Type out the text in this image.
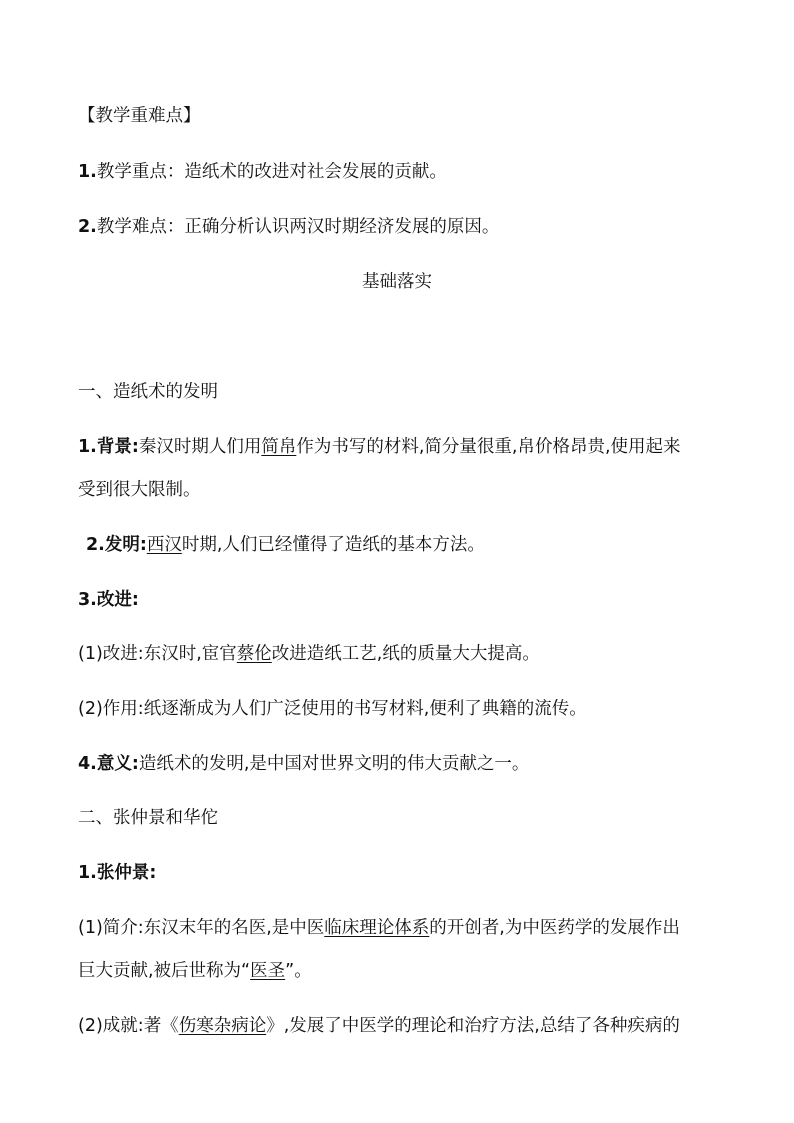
【教学重难点】
1.教学重点：造纸术的改进对社会发展的贡献。
2.教学难点：正确分析认识两汉时期经济发展的原因。
基础落实
一、造纸术的发明
1.背景:秦汉时期人们用简帛作为书写的材料,简分量很重,帛价格昂贵,使用起来
受到很大限制。
2.发明:西汉时期,人们已经懂得了造纸的基本方法。
3.改进:
(1)改进:东汉时,宦官蔡伦改进造纸工艺,纸的质量大大提高。
(2)作用:纸逐渐成为人们广泛使用的书写材料,便利了典籍的流传。
4.意义:造纸术的发明,是中国对世界文明的伟大贡献之一。
二、张仲景和华佗
1.张仲景:
(1)简介:东汉末年的名医,是中医临床理论体系的开创者,为中医药学的发展作出
巨大贡献,被后世称为“医圣”。
(2)成就:著《伤寒杂病论》,发展了中医学的理论和治疗方法,总结了各种疾病的
